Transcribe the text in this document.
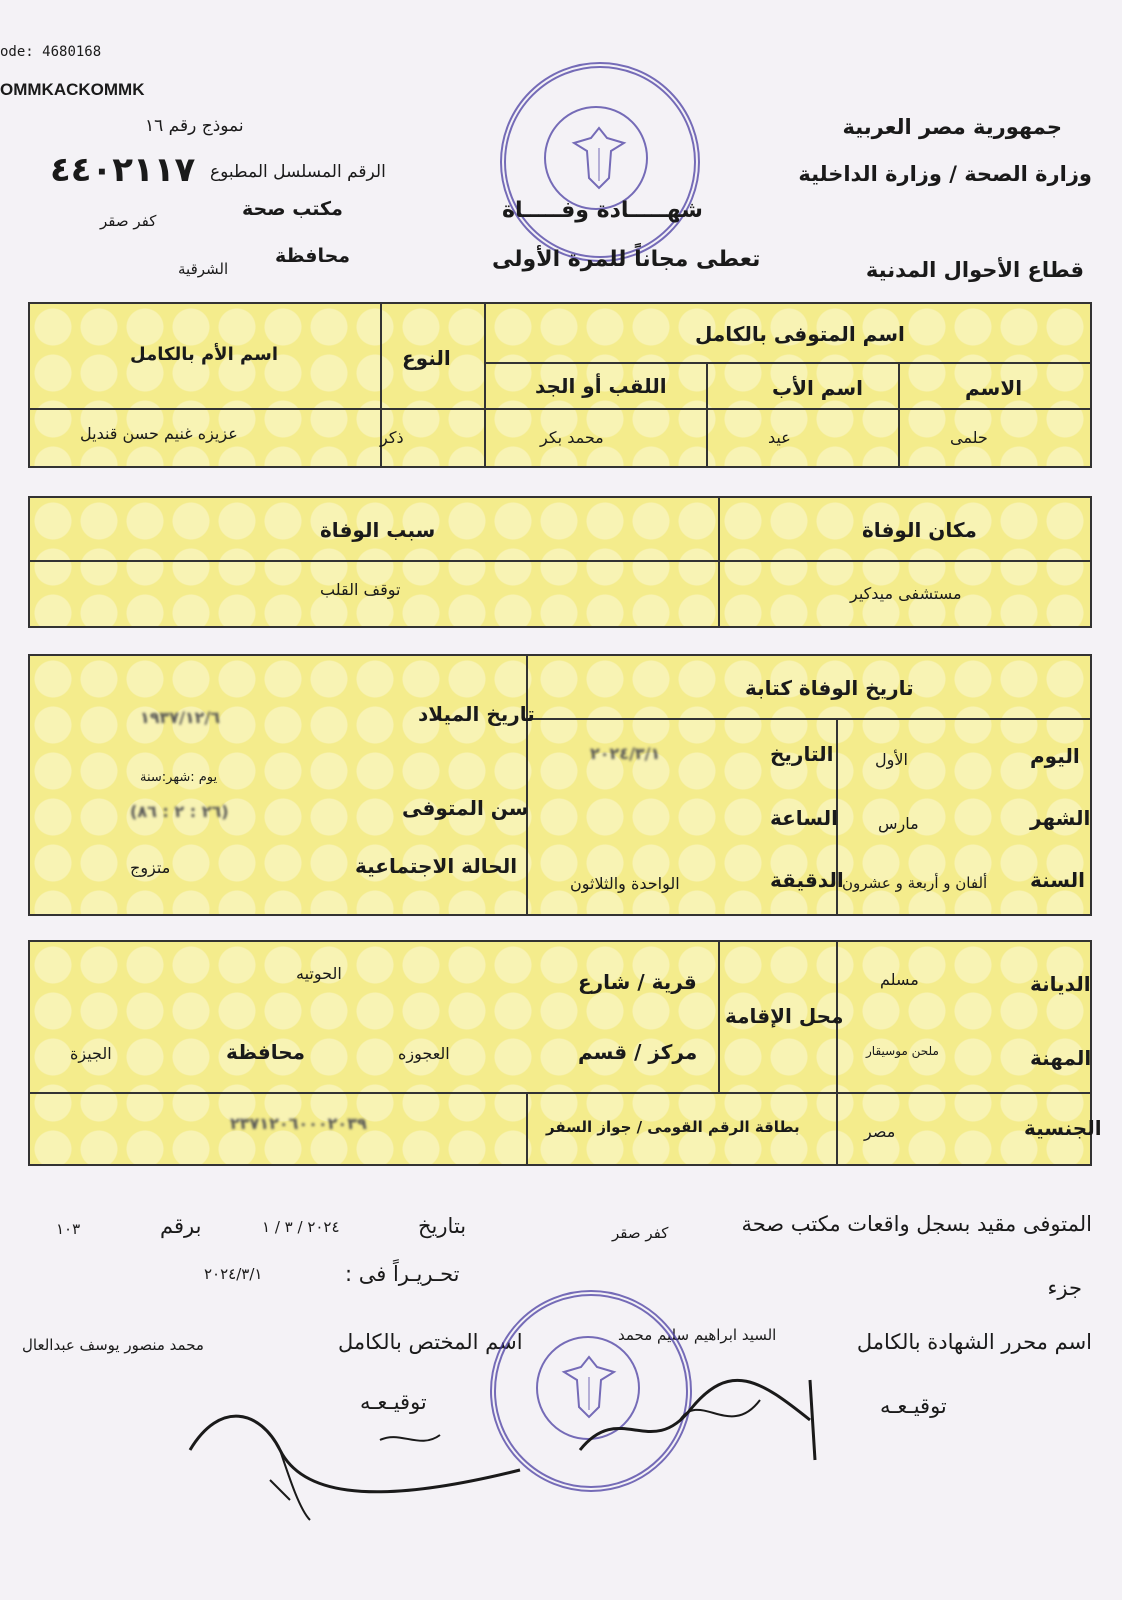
ode: 4680168
OMMKACKOMMK
جمهورية مصر العربية
وزارة الصحة / وزارة الداخلية
قطاع الأحوال المدنية
نموذج رقم ١٦
الرقم المسلسل المطبوع
٤٤٠٢١١٧
مكتب صحة
كفر صقر
محافظة
الشرقية
شهـــــادة وفـــــاة
تعطى مجاناً للمرة الأولى
اسم المتوفى بالكامل
الاسم
اسم الأب
اللقب أو الجد
النوع
اسم الأم بالكامل
حلمى
عيد
محمد بكر
ذكر
عزيزه غنيم حسن قنديل
مكان الوفاة
سبب الوفاة
مستشفى ميدكير
توقف القلب
تاريخ الوفاة كتابة
اليوم
الشهر
السنة
الأول
مارس
ألفان و أربعة و عشرون
التاريخ
الساعة
الدقيقة
٢٠٢٤/٣/١
الواحدة والثلاثون
تاريخ الميلاد
١٩٣٧/١٢/٦
سن المتوفى
يوم :شهر:سنة
(٢٦ : ٢ : ٨٦)
الحالة الاجتماعية
متزوج
الديانة
مسلم
المهنة
ملحن موسيقار
محل الإقامة
قرية / شارع
الحوتيه
مركز / قسم
العجوزه
محافظة
الجيزة
الجنسية
مصر
بطاقة الرقم القومى / جواز السفر
٢٣٧١٢٠٦٠٠٠٢٠٣٩
المتوفى مقيد بسجل واقعات مكتب صحة
كفر صقر
بتاريخ
٢٠٢٤ / ٣ / ١
برقم
١٠٣
جزء
تحـريـراً فى :
٢٠٢٤/٣/١
اسم محرر الشهادة بالكامل
السيد ابراهيم سليم محمد
اسم المختص بالكامل
محمد منصور يوسف عبدالعال
توقيـعـه
توقيـعـه
